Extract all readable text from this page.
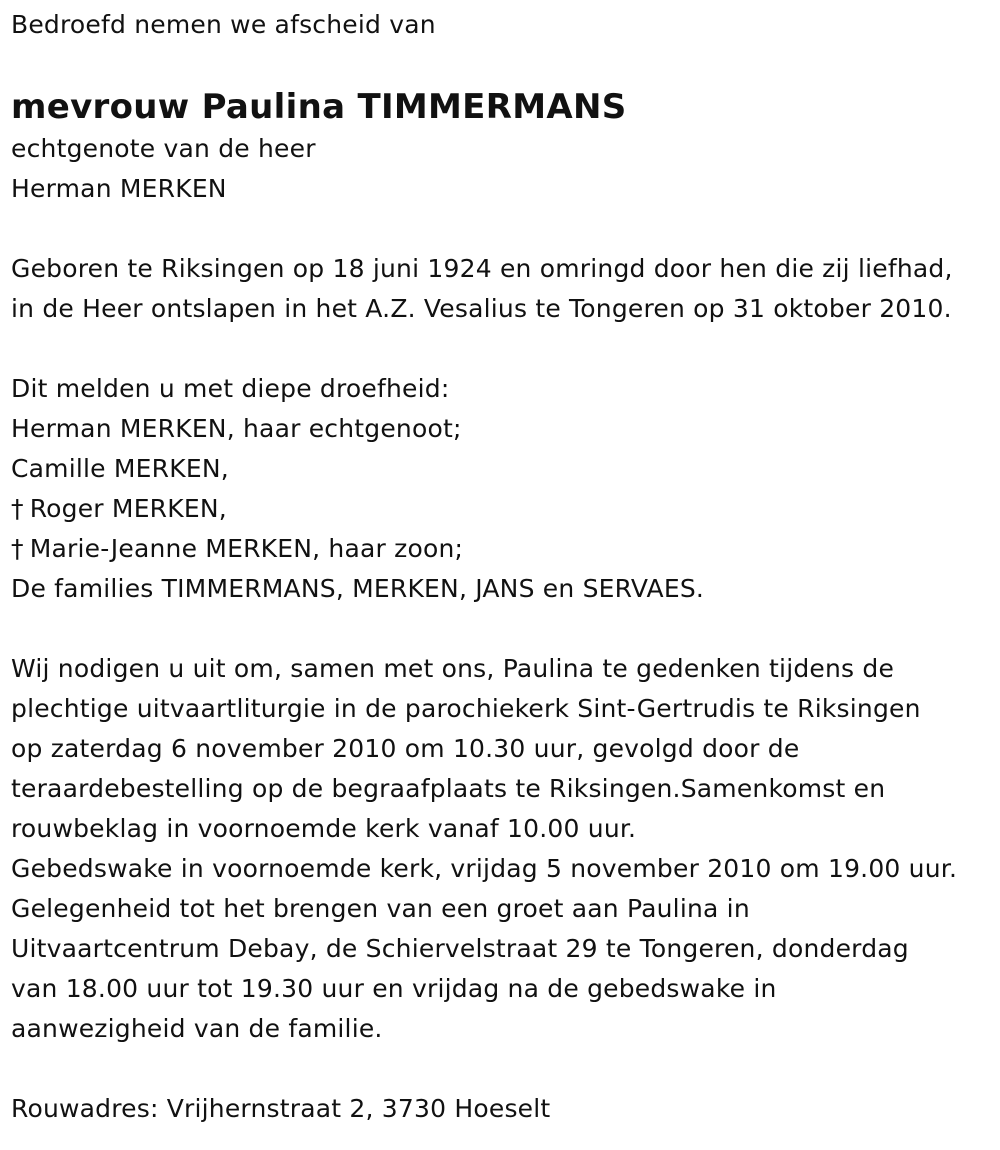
Bedroefd nemen we afscheid van
mevrouw Paulina TIMMERMANS
echtgenote van de heer
Herman MERKEN
Geboren te Riksingen op 18 juni 1924 en omringd door hen die zij liefhad,
in de Heer ontslapen in het A.Z. Vesalius te Tongeren op 31 oktober 2010.
Dit melden u met diepe droefheid:
Herman MERKEN, haar echtgenoot;
Camille MERKEN,
† Roger MERKEN,
† Marie-Jeanne MERKEN, haar zoon;
De families TIMMERMANS, MERKEN, JANS en SERVAES.
Wij nodigen u uit om, samen met ons, Paulina te gedenken tijdens de
plechtige uitvaartliturgie in de parochiekerk Sint-Gertrudis te Riksingen
op zaterdag 6 november 2010 om 10.30 uur, gevolgd door de
teraardebestelling op de begraafplaats te Riksingen.Samenkomst en
rouwbeklag in voornoemde kerk vanaf 10.00 uur.
Gebedswake in voornoemde kerk, vrijdag 5 november 2010 om 19.00 uur.
Gelegenheid tot het brengen van een groet aan Paulina in
Uitvaartcentrum Debay, de Schiervelstraat 29 te Tongeren, donderdag
van 18.00 uur tot 19.30 uur en vrijdag na de gebedswake in
aanwezigheid van de familie.
Rouwadres: Vrijhernstraat 2, 3730 Hoeselt
